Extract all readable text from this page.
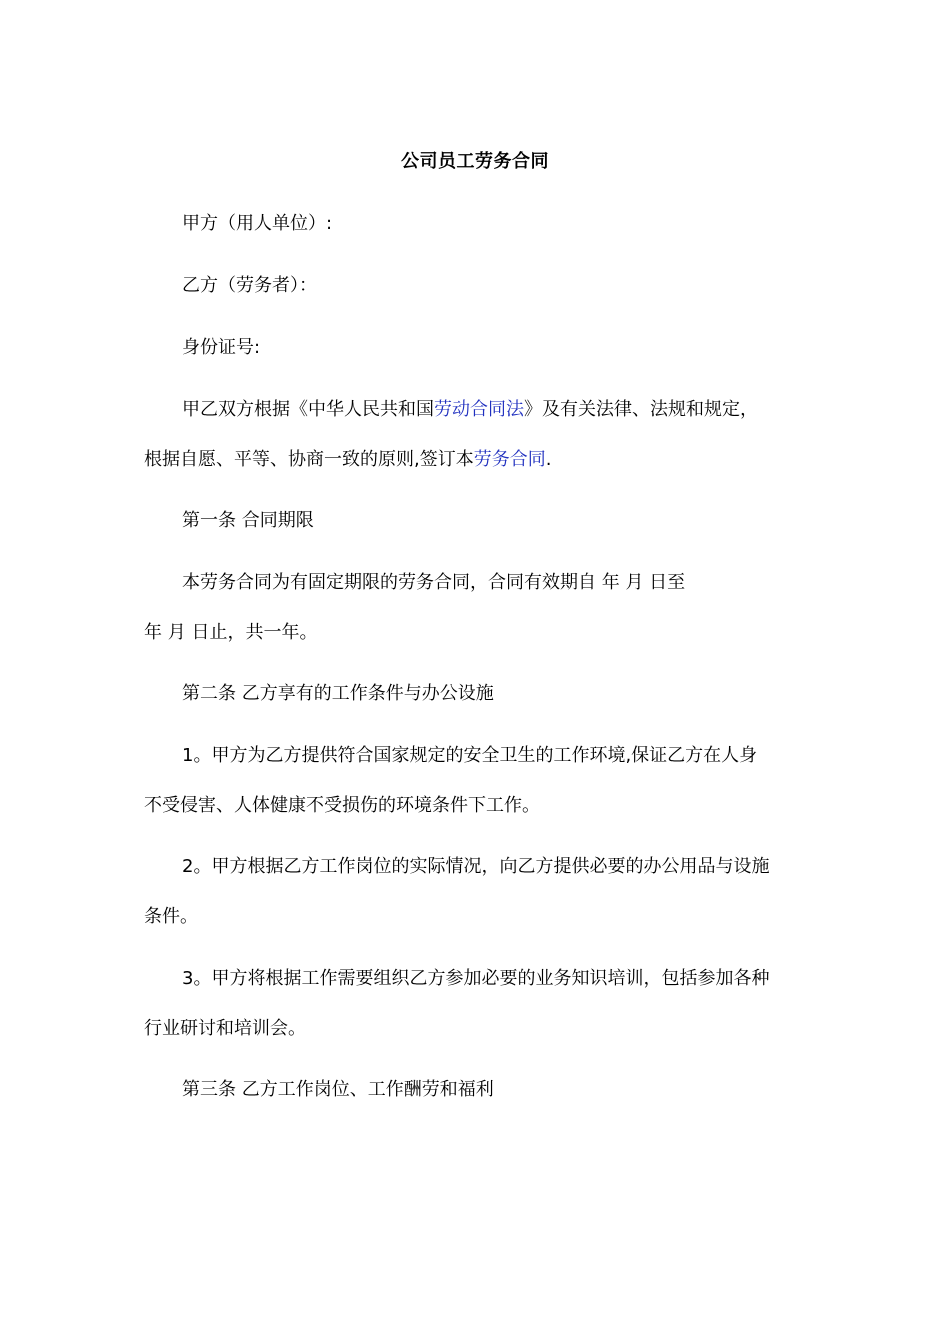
公司员工劳务合同
甲方（用人单位）:
乙方（劳务者）：
身份证号:
甲乙双方根据《中华人民共和国劳动合同法》及有关法律、法规和规定，
根据自愿、平等、协商一致的原则,签订本劳务合同.
第一条 合同期限
本劳务合同为有固定期限的劳务合同，合同有效期自 年 月 日至
年 月 日止，共一年。
第二条 乙方享有的工作条件与办公设施
1。甲方为乙方提供符合国家规定的安全卫生的工作环境,保证乙方在人身
不受侵害、人体健康不受损伤的环境条件下工作。
2。甲方根据乙方工作岗位的实际情况，向乙方提供必要的办公用品与设施
条件。
3。甲方将根据工作需要组织乙方参加必要的业务知识培训，包括参加各种
行业研讨和培训会。
第三条 乙方工作岗位、工作酬劳和福利
